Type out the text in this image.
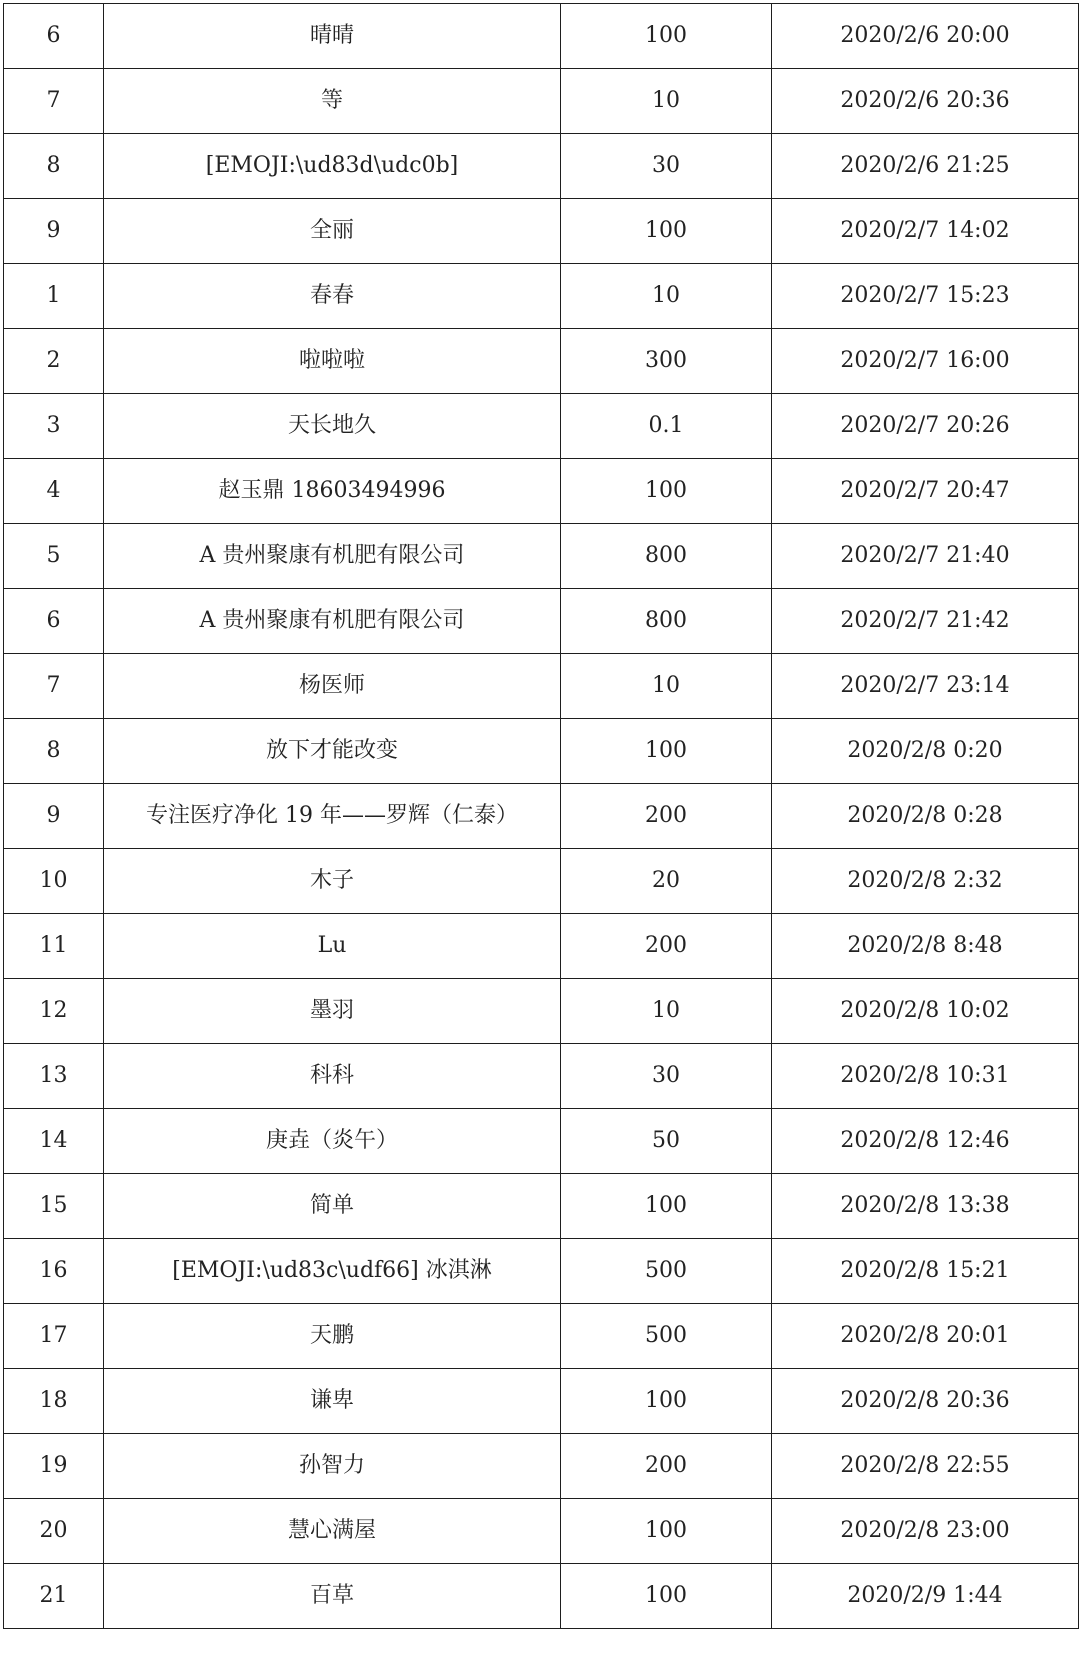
6	晴晴	100	2020/2/6 20:00
7	等	10	2020/2/6 20:36
8	[EMOJI:\ud83d\udc0b]	30	2020/2/6 21:25
9	全丽	100	2020/2/7 14:02
1	春春	10	2020/2/7 15:23
2	啦啦啦	300	2020/2/7 16:00
3	天长地久	0.1	2020/2/7 20:26
4	赵玉鼎 18603494996	100	2020/2/7 20:47
5	A 贵州聚康有机肥有限公司	800	2020/2/7 21:40
6	A 贵州聚康有机肥有限公司	800	2020/2/7 21:42
7	杨医师	10	2020/2/7 23:14
8	放下才能改变	100	2020/2/8 0:20
9	专注医疗净化 19 年——罗辉（仁泰）	200	2020/2/8 0:28
10	木子	20	2020/2/8 2:32
11	Lu	200	2020/2/8 8:48
12	墨羽	10	2020/2/8 10:02
13	科科	30	2020/2/8 10:31
14	庚垚（炎午）	50	2020/2/8 12:46
15	简单	100	2020/2/8 13:38
16	[EMOJI:\ud83c\udf66] 冰淇淋	500	2020/2/8 15:21
17	天鹏	500	2020/2/8 20:01
18	谦卑	100	2020/2/8 20:36
19	孙智力	200	2020/2/8 22:55
20	慧心满屋	100	2020/2/8 23:00
21	百草	100	2020/2/9 1:44
